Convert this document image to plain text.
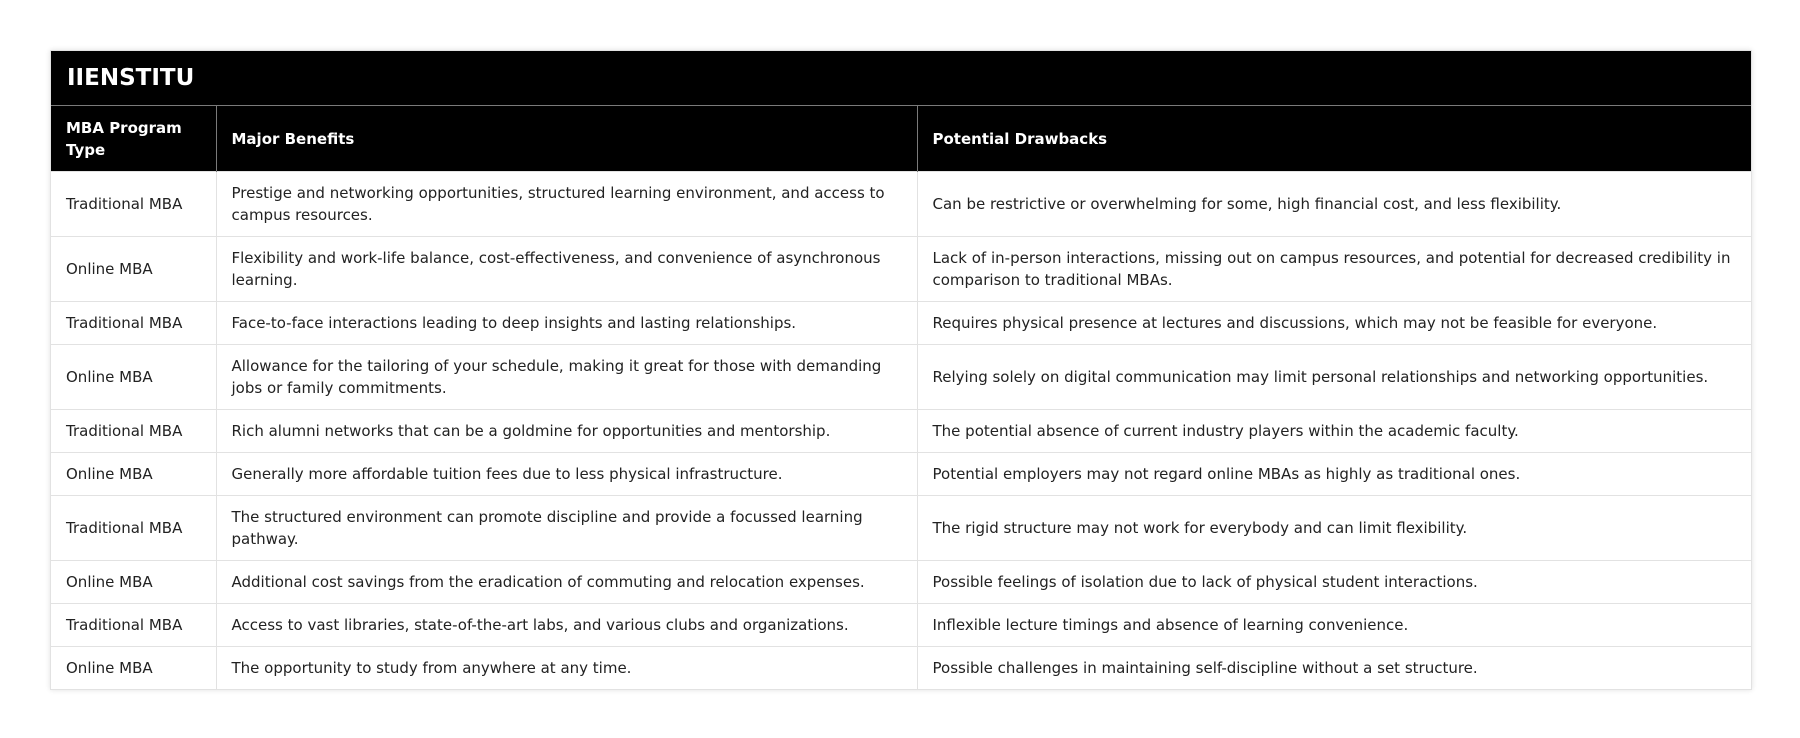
IIENSTITU
MBA Program Type	Major Benefits	Potential Drawbacks
Traditional MBA	Prestige and networking opportunities, structured learning environment, and access to campus resources.	Can be restrictive or overwhelming for some, high financial cost, and less flexibility.
Online MBA	Flexibility and work-life balance, cost-effectiveness, and convenience of asynchronous learning.	Lack of in-person interactions, missing out on campus resources, and potential for decreased credibility in comparison to traditional MBAs.
Traditional MBA	Face-to-face interactions leading to deep insights and lasting relationships.	Requires physical presence at lectures and discussions, which may not be feasible for everyone.
Online MBA	Allowance for the tailoring of your schedule, making it great for those with demanding jobs or family commitments.	Relying solely on digital communication may limit personal relationships and networking opportunities.
Traditional MBA	Rich alumni networks that can be a goldmine for opportunities and mentorship.	The potential absence of current industry players within the academic faculty.
Online MBA	Generally more affordable tuition fees due to less physical infrastructure.	Potential employers may not regard online MBAs as highly as traditional ones.
Traditional MBA	The structured environment can promote discipline and provide a focussed learning pathway.	The rigid structure may not work for everybody and can limit flexibility.
Online MBA	Additional cost savings from the eradication of commuting and relocation expenses.	Possible feelings of isolation due to lack of physical student interactions.
Traditional MBA	Access to vast libraries, state-of-the-art labs, and various clubs and organizations.	Inflexible lecture timings and absence of learning convenience.
Online MBA	The opportunity to study from anywhere at any time.	Possible challenges in maintaining self-discipline without a set structure.
